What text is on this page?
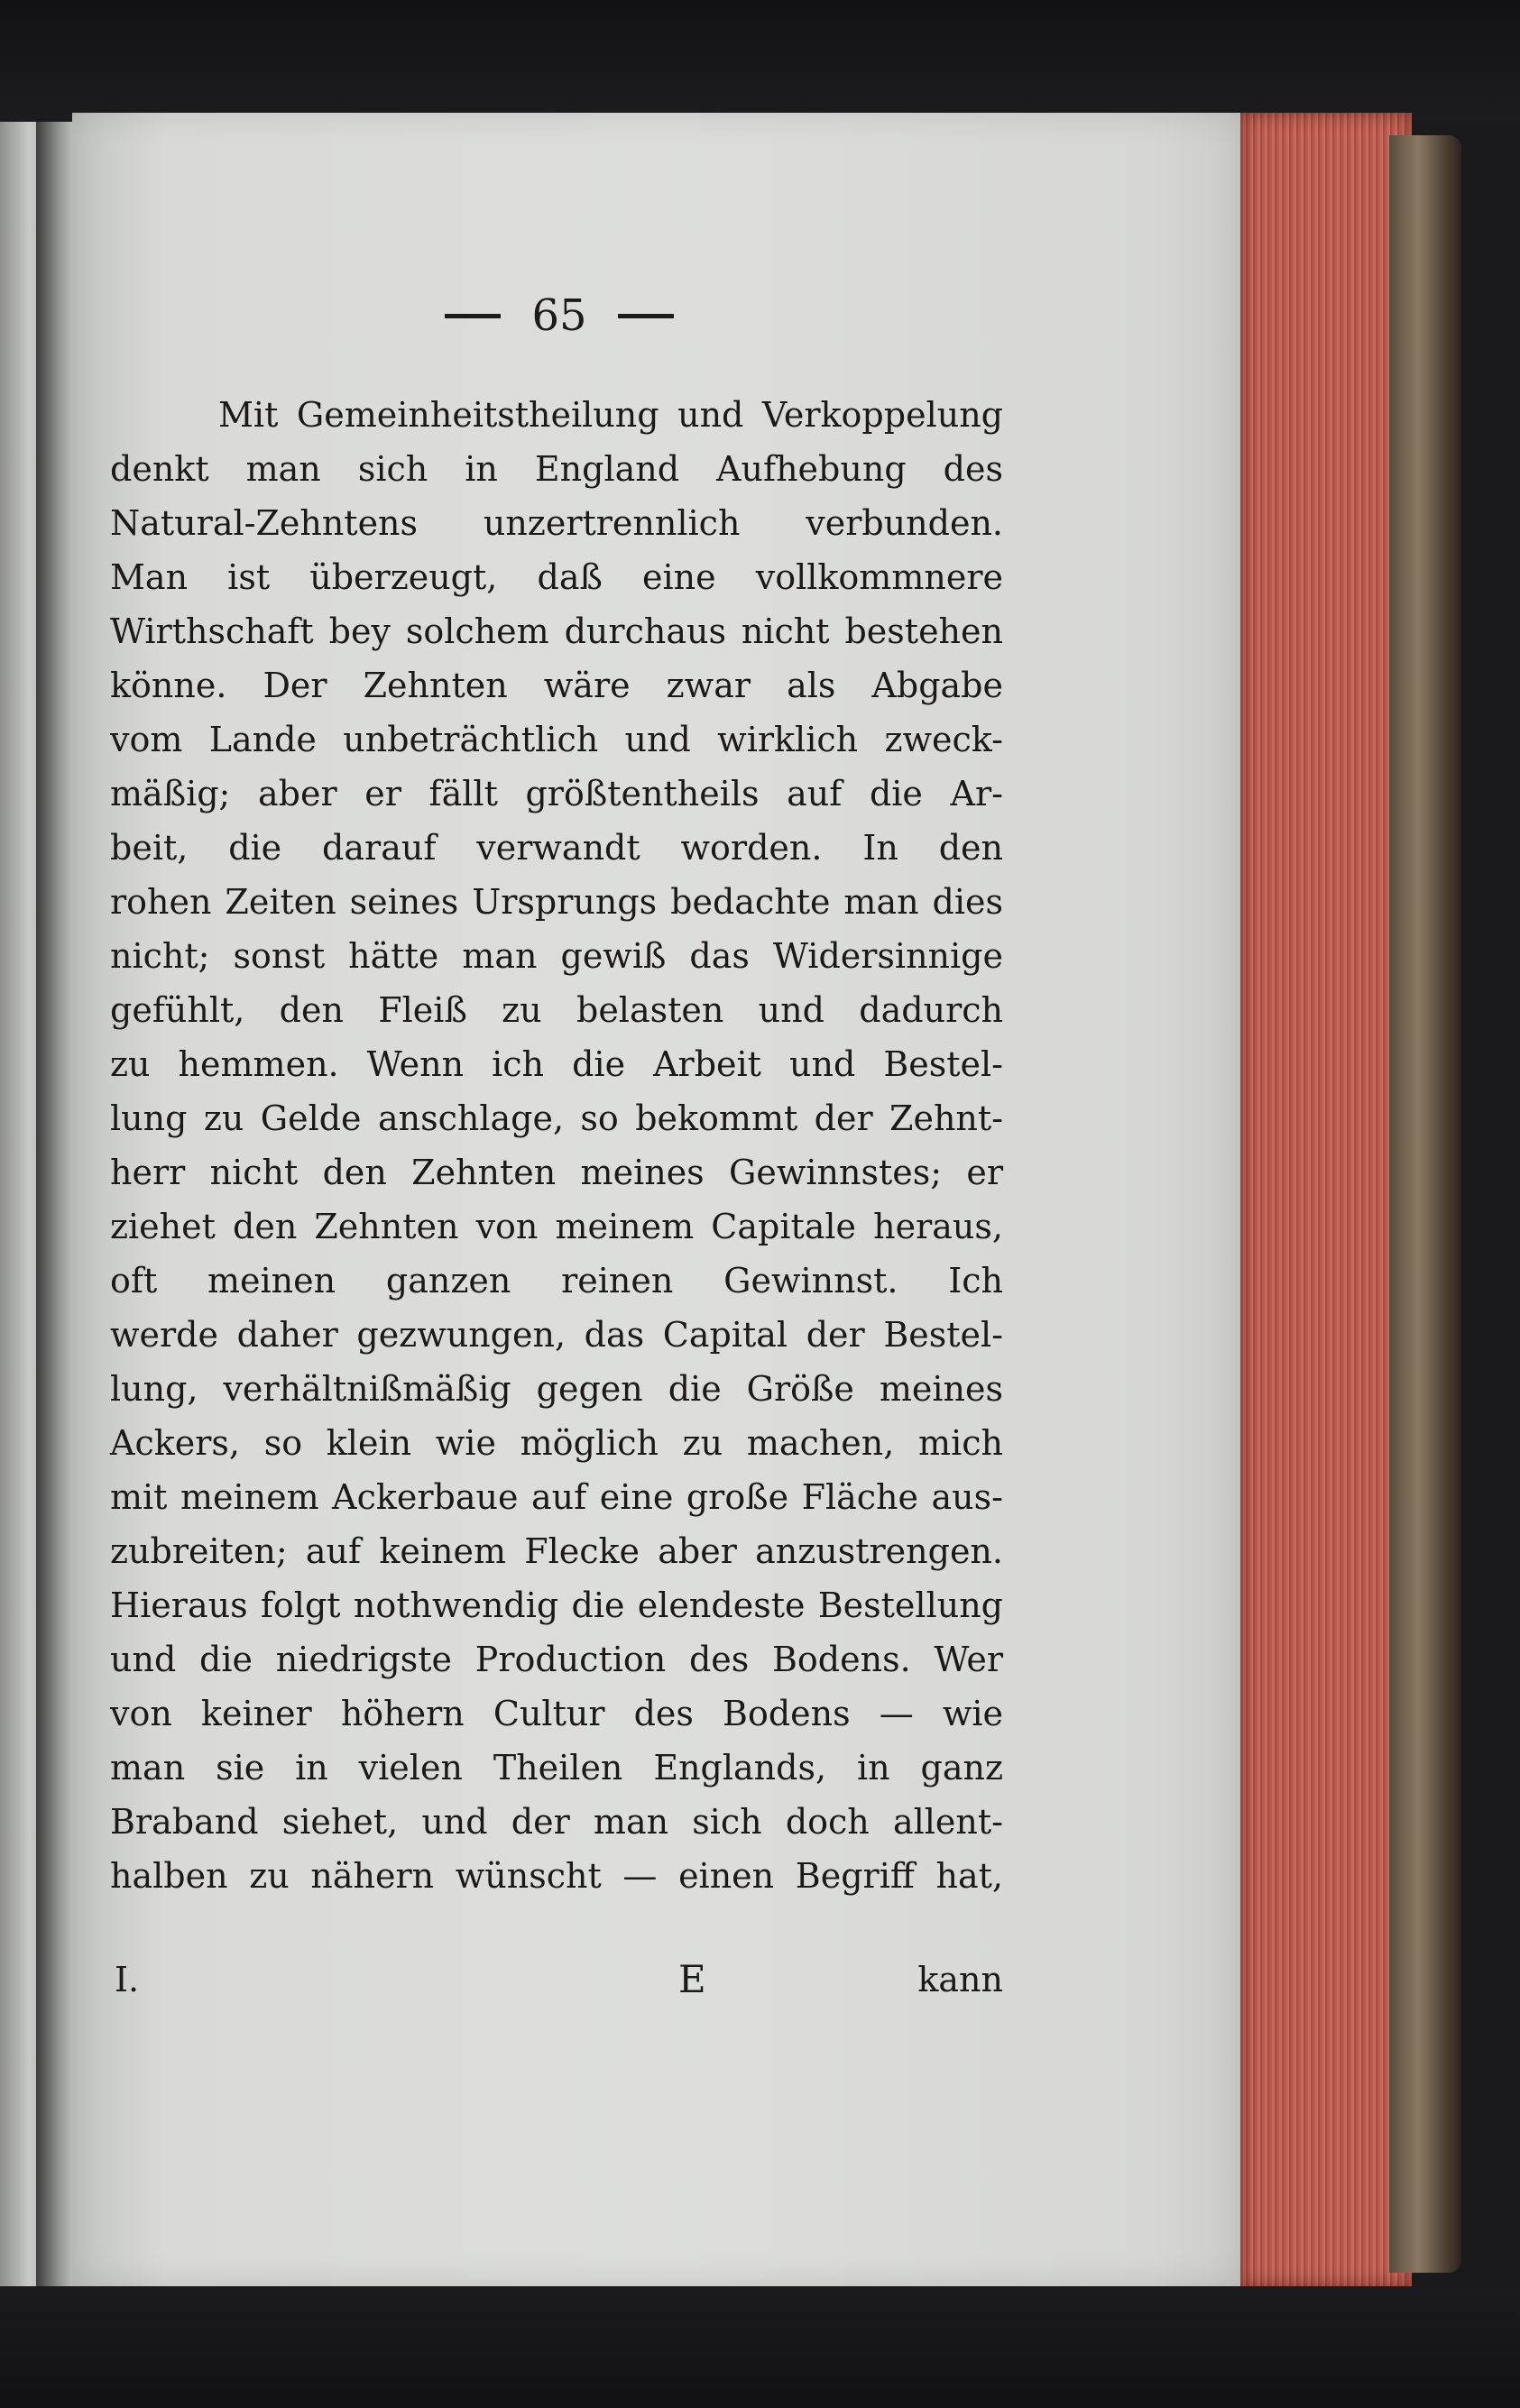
65
Mit Gemeinheitstheilung und Verkoppelung
denkt man sich in England Aufhebung des
Natural-Zehntens unzertrennlich verbunden.
Man ist überzeugt, daß eine vollkommnere
Wirthschaft bey solchem durchaus nicht bestehen
könne. Der Zehnten wäre zwar als Abgabe
vom Lande unbeträchtlich und wirklich zweck-
mäßig; aber er fällt größtentheils auf die Ar-
beit, die darauf verwandt worden. In den
rohen Zeiten seines Ursprungs bedachte man dies
nicht; sonst hätte man gewiß das Widersinnige
gefühlt, den Fleiß zu belasten und dadurch
zu hemmen. Wenn ich die Arbeit und Bestel-
lung zu Gelde anschlage, so bekommt der Zehnt-
herr nicht den Zehnten meines Gewinnstes; er
ziehet den Zehnten von meinem Capitale heraus,
oft meinen ganzen reinen Gewinnst. Ich
werde daher gezwungen, das Capital der Bestel-
lung, verhältnißmäßig gegen die Größe meines
Ackers, so klein wie möglich zu machen, mich
mit meinem Ackerbaue auf eine große Fläche aus-
zubreiten; auf keinem Flecke aber anzustrengen.
Hieraus folgt nothwendig die elendeste Bestellung
und die niedrigste Production des Bodens. Wer
von keiner höhern Cultur des Bodens — wie
man sie in vielen Theilen Englands, in ganz
Braband siehet, und der man sich doch allent-
halben zu nähern wünscht — einen Begriff hat,
I.	E	kann
